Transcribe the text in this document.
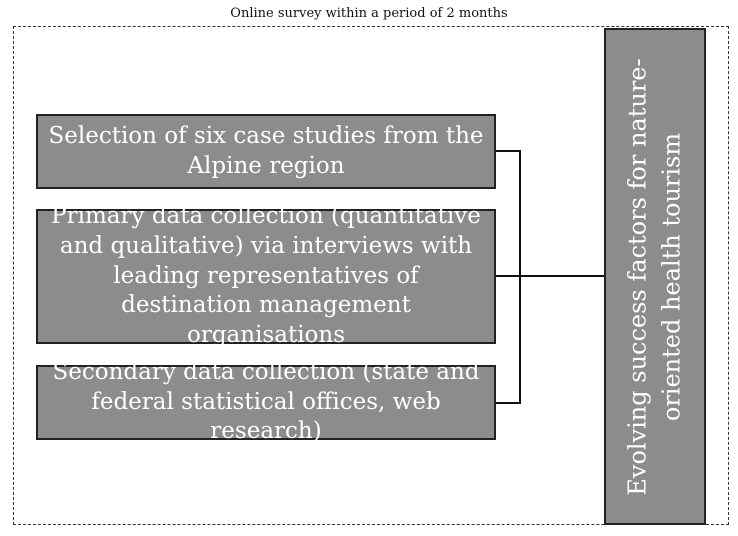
Online survey within a period of 2 months
Selection of six case studies from the Alpine region
Primary data collection (quantitative and qualitative) via interviews with leading representatives of destination management organisations
Secondary data collection (state and federal statistical offices, web research)	Evolving success factors for nature-oriented health tourism
